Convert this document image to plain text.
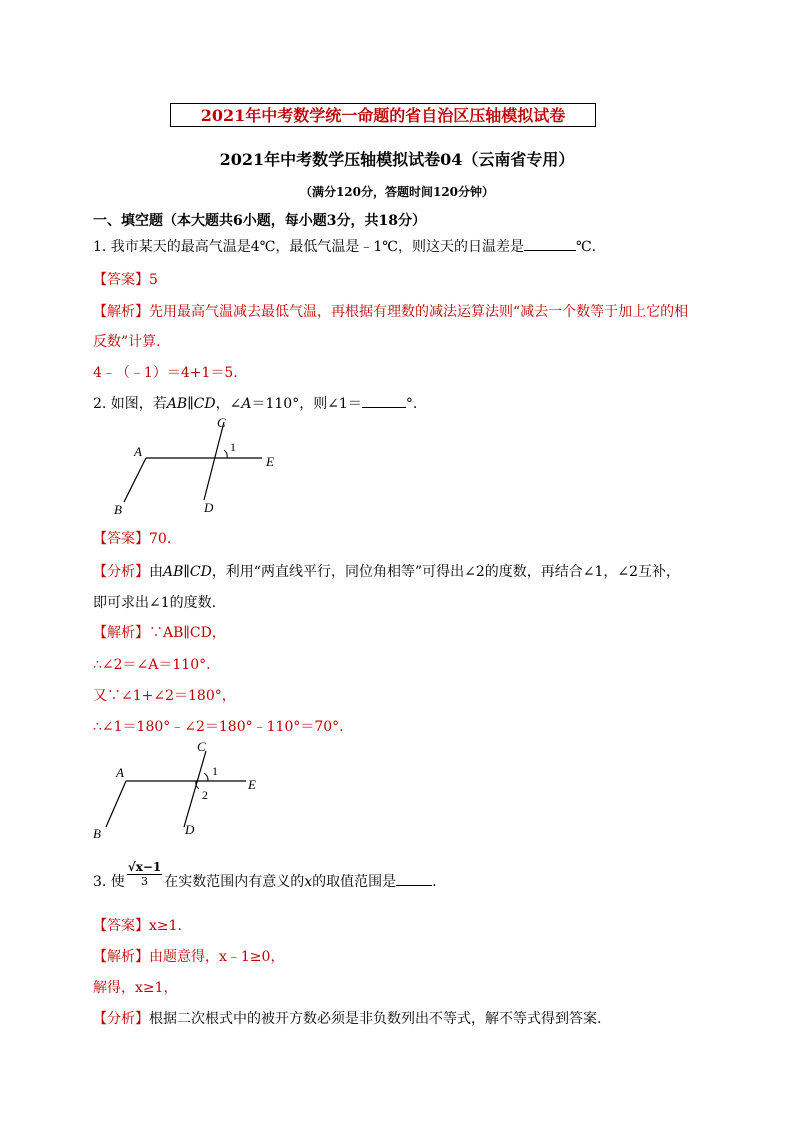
2021年中考数学统一命题的省自治区压轴模拟试卷
2021年中考数学压轴模拟试卷04（云南省专用）
（满分120分，答题时间120分钟）
一、填空题（本大题共6小题，每小题3分，共18分）
1. 我市某天的最高气温是4℃，最低气温是﹣1℃，则这天的日温差是	℃.
【答案】5
【解析】先用最高气温减去最低气温，再根据有理数的减法运算法则“减去一个数等于加上它的相
反数”计算.
4﹣（﹣1）＝4+1＝5.
2. 如图，若AB∥CD，∠A＝110°，则∠1＝	°.
C
A
E
B	D
1
【答案】70.
【分析】由AB∥CD，利用“两直线平行，同位角相等”可得出∠2的度数，再结合∠1，∠2互补，
即可求出∠1的度数.
【解析】∵AB∥CD，
∴∠2＝∠A＝110°.
又∵∠1+∠2＝180°，
∴∠1＝180°﹣∠2＝180°﹣110°＝70°.
C
A
E
B	D
1
2
3. 使 $\frac{√x-1}{3}$ 在实数范围内有意义的x的取值范围是	.
【答案】x≥1.
【解析】由题意得，x﹣1≥0，
解得，x≥1，
【分析】根据二次根式中的被开方数必须是非负数列出不等式，解不等式得到答案.
